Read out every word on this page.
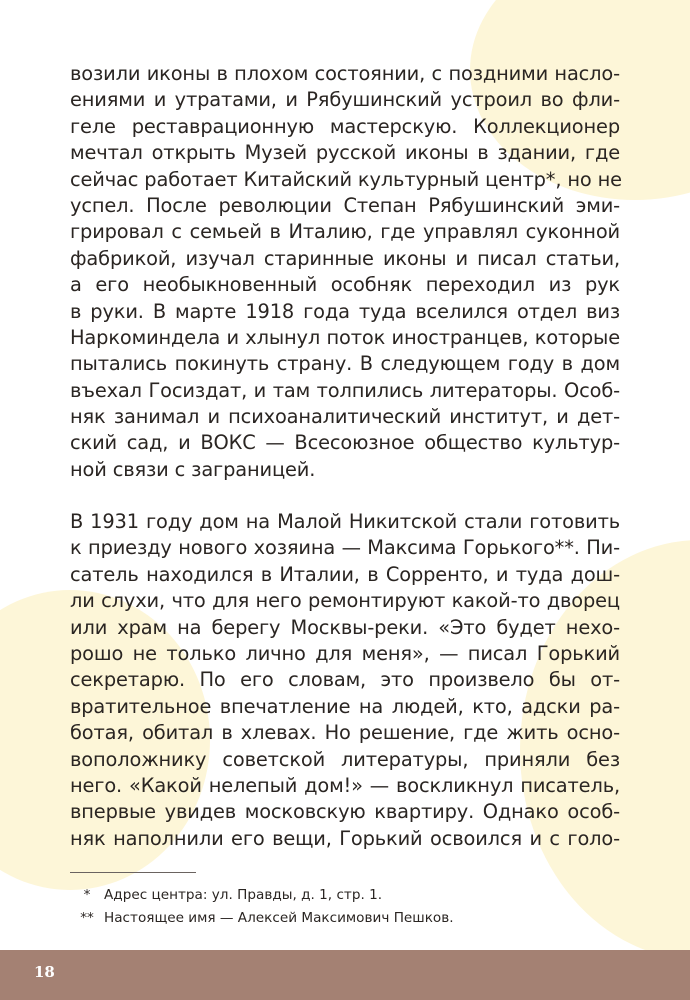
возили иконы в плохом состоянии, с поздними насло-
ениями и утратами, и Рябушинский устроил во фли-
геле реставрационную мастерскую. Коллекционер
мечтал открыть Музей русской иконы в здании, где
сейчас работает Китайский культурный центр*, но не
успел. После революции Степан Рябушинский эми-
грировал с семьей в Италию, где управлял суконной
фабрикой, изучал старинные иконы и писал статьи,
а его необыкновенный особняк переходил из рук
в руки. В марте 1918 года туда вселился отдел виз
Наркоминдела и хлынул поток иностранцев, которые
пытались покинуть страну. В следующем году в дом
въехал Госиздат, и там толпились литераторы. Особ-
няк занимал и психоаналитический институт, и дет-
ский сад, и ВОКС — Всесоюзное общество культур-
ной связи с заграницей.
В 1931 году дом на Малой Никитской стали готовить
к приезду нового хозяина — Максима Горького**. Пи-
сатель находился в Италии, в Сорренто, и туда дош-
ли слухи, что для него ремонтируют какой-то дворец
или храм на берегу Москвы-реки. «Это будет нехо-
рошо не только лично для меня», — писал Горький
секретарю. По его словам, это произвело бы от-
вратительное впечатление на людей, кто, адски ра-
ботая, обитал в хлевах. Но решение, где жить осно-
воположнику советской литературы, приняли без
него. «Какой нелепый дом!» — воскликнул писатель,
впервые увидев московскую квартиру. Однако особ-
няк наполнили его вещи, Горький освоился и с голо-
*	Адрес центра: ул. Правды, д. 1, стр. 1.
** Настоящее имя — Алексей Максимович Пешков.
18
